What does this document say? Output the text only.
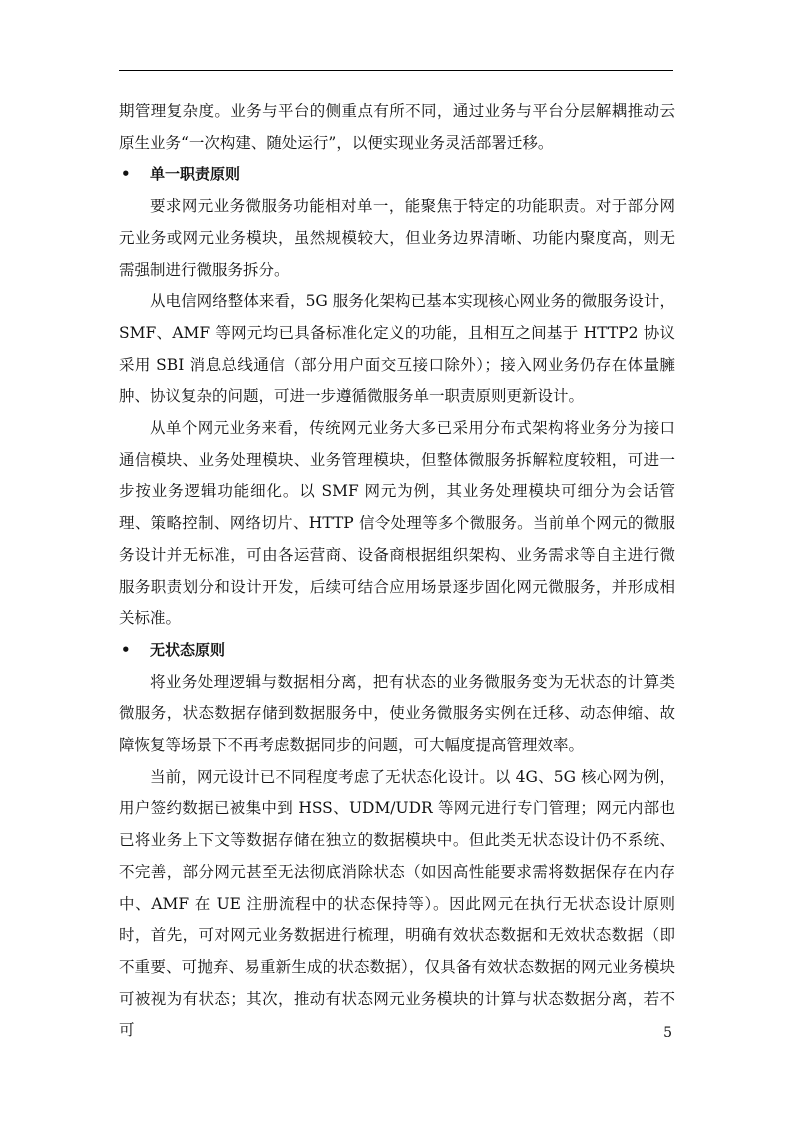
期管理复杂度。业务与平台的侧重点有所不同，通过业务与平台分层解耦推动云原生业务“一次构建、随处运行”，以便实现业务灵活部署迁移。

•	单一职责原则

要求网元业务微服务功能相对单一，能聚焦于特定的功能职责。对于部分网元业务或网元业务模块，虽然规模较大，但业务边界清晰、功能内聚度高，则无需强制进行微服务拆分。

从电信网络整体来看，5G 服务化架构已基本实现核心网业务的微服务设计，SMF、AMF 等网元均已具备标准化定义的功能，且相互之间基于 HTTP2 协议采用 SBI 消息总线通信（部分用户面交互接口除外）；接入网业务仍存在体量臃肿、协议复杂的问题，可进一步遵循微服务单一职责原则更新设计。

从单个网元业务来看，传统网元业务大多已采用分布式架构将业务分为接口通信模块、业务处理模块、业务管理模块，但整体微服务拆解粒度较粗，可进一步按业务逻辑功能细化。以 SMF 网元为例，其业务处理模块可细分为会话管理、策略控制、网络切片、HTTP 信令处理等多个微服务。当前单个网元的微服务设计并无标准，可由各运营商、设备商根据组织架构、业务需求等自主进行微服务职责划分和设计开发，后续可结合应用场景逐步固化网元微服务，并形成相关标准。

•	无状态原则

将业务处理逻辑与数据相分离，把有状态的业务微服务变为无状态的计算类微服务，状态数据存储到数据服务中，使业务微服务实例在迁移、动态伸缩、故障恢复等场景下不再考虑数据同步的问题，可大幅度提高管理效率。

当前，网元设计已不同程度考虑了无状态化设计。以 4G、5G 核心网为例，用户签约数据已被集中到 HSS、UDM/UDR 等网元进行专门管理；网元内部也已将业务上下文等数据存储在独立的数据模块中。但此类无状态设计仍不系统、不完善，部分网元甚至无法彻底消除状态（如因高性能要求需将数据保存在内存中、AMF 在 UE 注册流程中的状态保持等）。因此网元在执行无状态设计原则时，首先，可对网元业务数据进行梳理，明确有效状态数据和无效状态数据（即不重要、可抛弃、易重新生成的状态数据），仅具备有效状态数据的网元业务模块可被视为有状态；其次，推动有状态网元业务模块的计算与状态数据分离，若不可	5
